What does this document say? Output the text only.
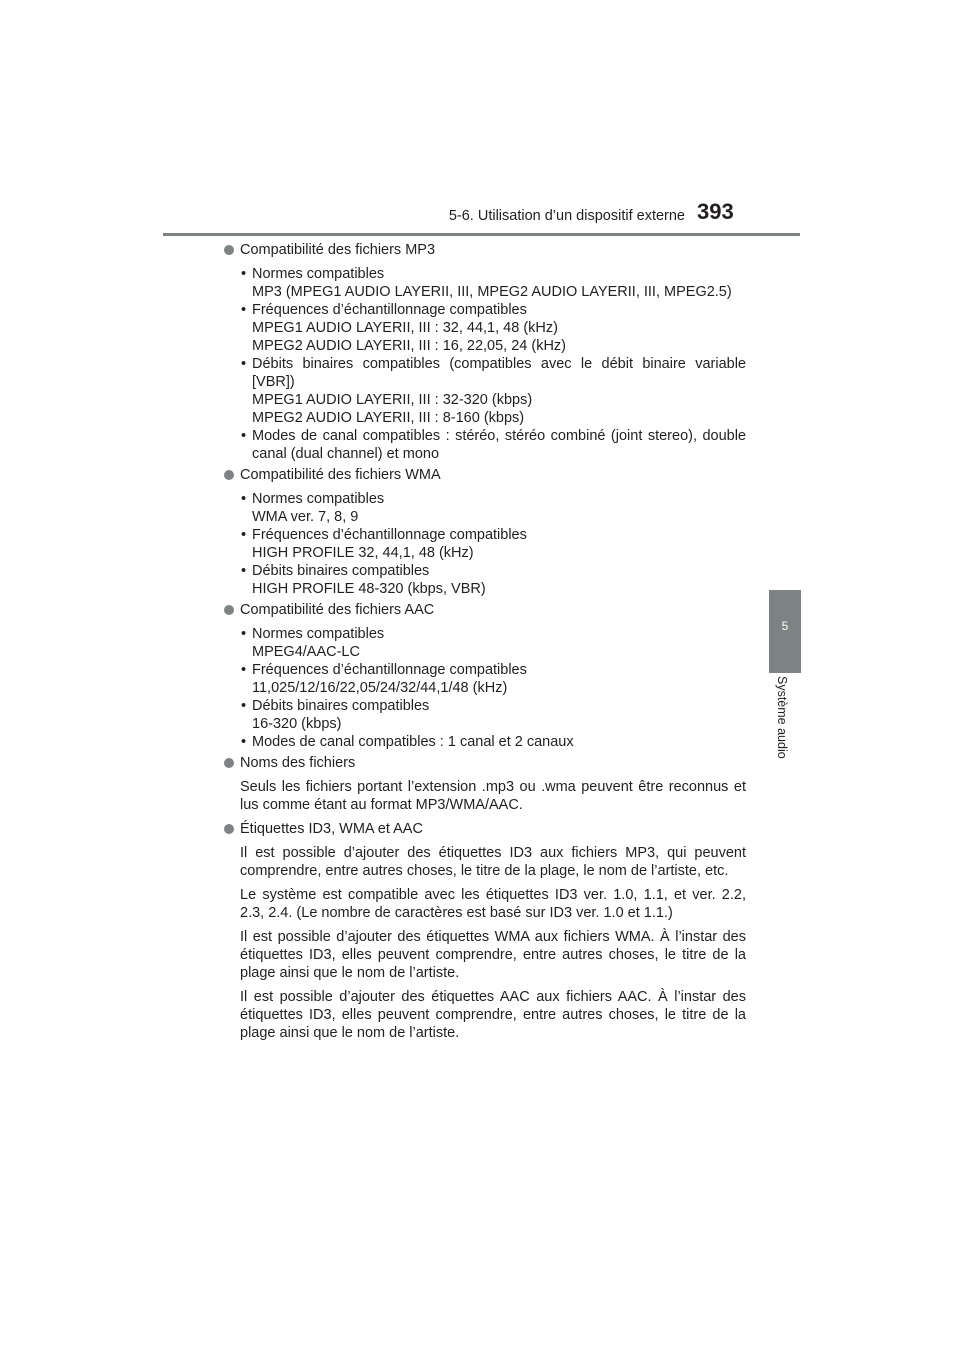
5-6. Utilisation d’un dispositif externe 393
5
Système audio
Compatibilité des fichiers MP3
• Normes compatibles
MP3 (MPEG1 AUDIO LAYERII, III, MPEG2 AUDIO LAYERII, III, MPEG2.5)
• Fréquences d’échantillonnage compatibles
MPEG1 AUDIO LAYERII, III : 32, 44,1, 48 (kHz)
MPEG2 AUDIO LAYERII, III : 16, 22,05, 24 (kHz)
• Débits binaires compatibles (compatibles avec le débit binaire variable [VBR])
MPEG1 AUDIO LAYERII, III : 32-320 (kbps)
MPEG2 AUDIO LAYERII, III : 8-160 (kbps)
• Modes de canal compatibles : stéréo, stéréo combiné (joint stereo), double canal (dual channel) et mono
Compatibilité des fichiers WMA
• Normes compatibles
WMA ver. 7, 8, 9
• Fréquences d’échantillonnage compatibles
HIGH PROFILE 32, 44,1, 48 (kHz)
• Débits binaires compatibles
HIGH PROFILE 48-320 (kbps, VBR)
Compatibilité des fichiers AAC
• Normes compatibles
MPEG4/AAC-LC
• Fréquences d’échantillonnage compatibles
11,025/12/16/22,05/24/32/44,1/48 (kHz)
• Débits binaires compatibles
16-320 (kbps)
• Modes de canal compatibles : 1 canal et 2 canaux
Noms des fichiers

Seuls les fichiers portant l’extension .mp3 ou .wma peuvent être reconnus et lus comme étant au format MP3/WMA/AAC.

Étiquettes ID3, WMA et AAC

Il est possible d’ajouter des étiquettes ID3 aux fichiers MP3, qui peuvent comprendre, entre autres choses, le titre de la plage, le nom de l’artiste, etc.

Le système est compatible avec les étiquettes ID3 ver. 1.0, 1.1, et ver. 2.2, 2.3, 2.4. (Le nombre de caractères est basé sur ID3 ver. 1.0 et 1.1.)

Il est possible d’ajouter des étiquettes WMA aux fichiers WMA. À l’instar des étiquettes ID3, elles peuvent comprendre, entre autres choses, le titre de la plage ainsi que le nom de l’artiste.

Il est possible d’ajouter des étiquettes AAC aux fichiers AAC. À l’instar des étiquettes ID3, elles peuvent comprendre, entre autres choses, le titre de la plage ainsi que le nom de l’artiste.
